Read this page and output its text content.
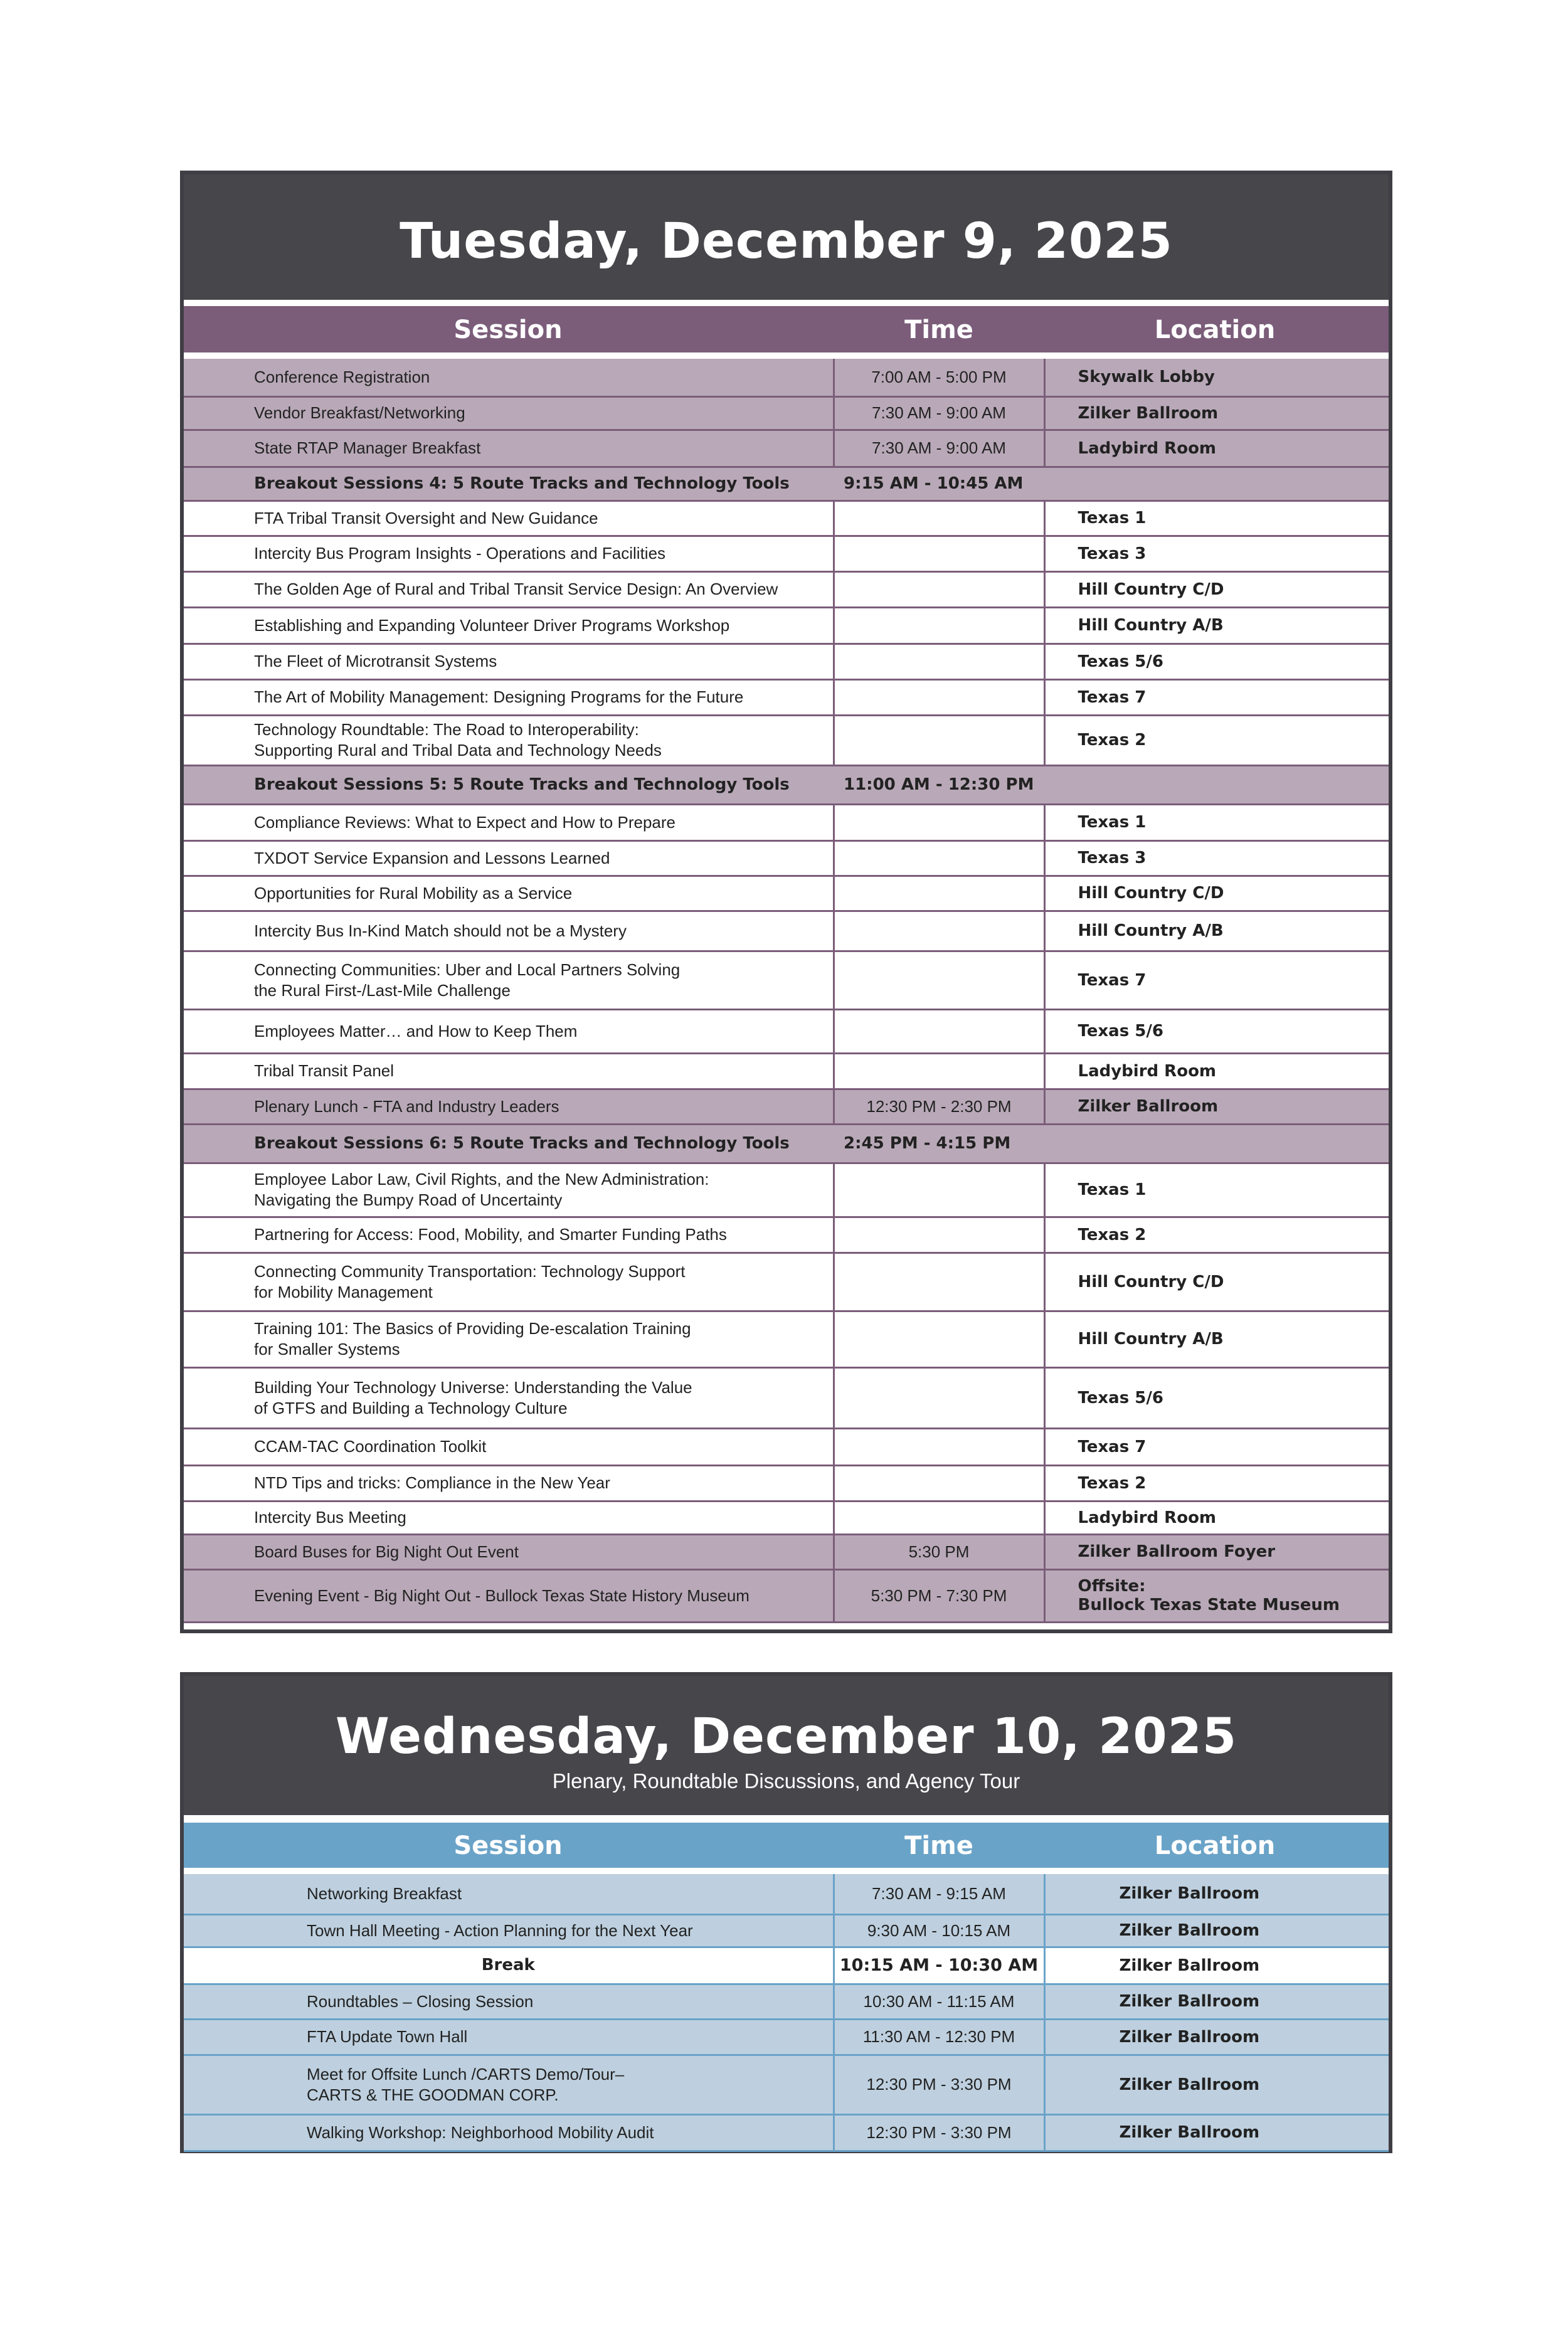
Tuesday, December 9, 2025
Session	Time	Location
Conference Registration	7:00 AM - 5:00 PM	Skywalk Lobby
Vendor Breakfast/Networking	7:30 AM - 9:00 AM	Zilker Ballroom
State RTAP Manager Breakfast	7:30 AM - 9:00 AM	Ladybird Room
Breakout Sessions 4: 5 Route Tracks and Technology Tools	9:15 AM - 10:45 AM	
FTA Tribal Transit Oversight and New Guidance		Texas 1
Intercity Bus Program Insights - Operations and Facilities		Texas 3
The Golden Age of Rural and Tribal Transit Service Design: An Overview		Hill Country C/D
Establishing and Expanding Volunteer Driver Programs Workshop		Hill Country A/B
The Fleet of Microtransit Systems		Texas 5/6
The Art of Mobility Management: Designing Programs for the Future		Texas 7

Technology Roundtable: The Road to Interoperability:
Supporting Rural and Tribal Data and Technology Needs		Texas 2
Breakout Sessions 5: 5 Route Tracks and Technology Tools	11:00 AM - 12:30 PM	
Compliance Reviews: What to Expect and How to Prepare		Texas 1
TXDOT Service Expansion and Lessons Learned		Texas 3
Opportunities for Rural Mobility as a Service		Hill Country C/D
Intercity Bus In-Kind Match should not be a Mystery		Hill Country A/B

Connecting Communities: Uber and Local Partners Solving
the Rural First-/Last-Mile Challenge		Texas 7
Employees Matter… and How to Keep Them		Texas 5/6
Tribal Transit Panel		Ladybird Room
Plenary Lunch - FTA and Industry Leaders	12:30 PM - 2:30 PM	Zilker Ballroom
Breakout Sessions 6: 5 Route Tracks and Technology Tools	2:45 PM - 4:15 PM	

Employee Labor Law, Civil Rights, and the New Administration:
Navigating the Bumpy Road of Uncertainty		Texas 1
Partnering for Access: Food, Mobility, and Smarter Funding Paths		Texas 2

Connecting Community Transportation: Technology Support
for Mobility Management		Hill Country C/D

Training 101: The Basics of Providing De-escalation Training
for Smaller Systems		Hill Country A/B

Building Your Technology Universe: Understanding the Value
of GTFS and Building a Technology Culture		Texas 5/6
CCAM-TAC Coordination Toolkit		Texas 7
NTD Tips and tricks: Compliance in the New Year		Texas 2
Intercity Bus Meeting		Ladybird Room
Board Buses for Big Night Out Event	5:30 PM	Zilker Ballroom Foyer
Evening Event - Big Night Out - Bullock Texas State History Museum	5:30 PM - 7:30 PM	Offsite:
Bullock Texas State Museum
Wednesday, December 10, 2025
Plenary, Roundtable Discussions, and Agency Tour
Session	Time	Location
Networking Breakfast	7:30 AM - 9:15 AM	Zilker Ballroom
Town Hall Meeting - Action Planning for the Next Year	9:30 AM - 10:15 AM	Zilker Ballroom
Break	10:15 AM - 10:30 AM	Zilker Ballroom
Roundtables – Closing Session	10:30 AM - 11:15 AM	Zilker Ballroom
FTA Update Town Hall	11:30 AM - 12:30 PM	Zilker Ballroom

Meet for Offsite Lunch /CARTS Demo/Tour–
CARTS & THE GOODMAN CORP.	12:30 PM - 3:30 PM	Zilker Ballroom
Walking Workshop: Neighborhood Mobility Audit	12:30 PM - 3:30 PM	Zilker Ballroom
